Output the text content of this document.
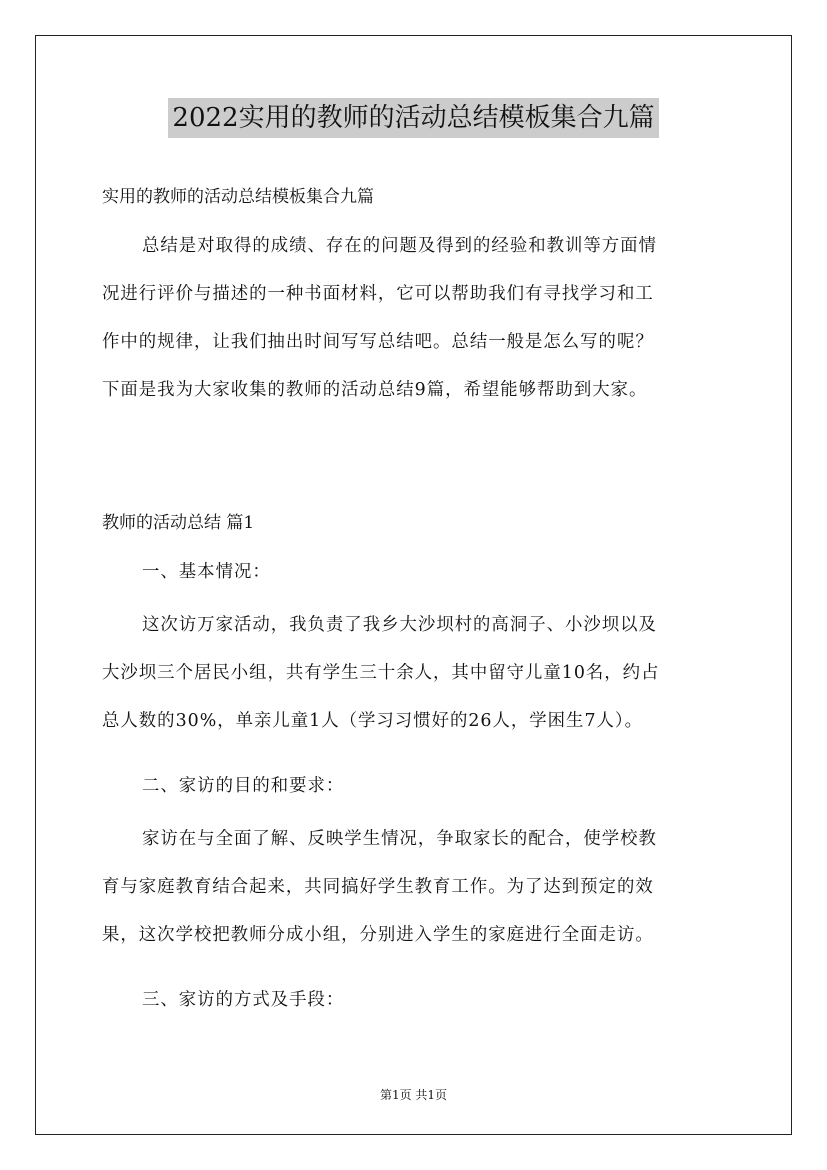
2022实用的教师的活动总结模板集合九篇
实用的教师的活动总结模板集合九篇
总结是对取得的成绩、存在的问题及得到的经验和教训等方面情
况进行评价与描述的一种书面材料，它可以帮助我们有寻找学习和工
作中的规律，让我们抽出时间写写总结吧。总结一般是怎么写的呢？
下面是我为大家收集的教师的活动总结9篇，希望能够帮助到大家。
教师的活动总结 篇1
一、基本情况：
这次访万家活动，我负责了我乡大沙坝村的高洞子、小沙坝以及
大沙坝三个居民小组，共有学生三十余人，其中留守儿童10名，约占
总人数的30%，单亲儿童1人（学习习惯好的26人，学困生7人）。
二、家访的目的和要求：
家访在与全面了解、反映学生情况，争取家长的配合，使学校教
育与家庭教育结合起来，共同搞好学生教育工作。为了达到预定的效
果，这次学校把教师分成小组，分别进入学生的家庭进行全面走访。
三、家访的方式及手段：
第1页 共1页
